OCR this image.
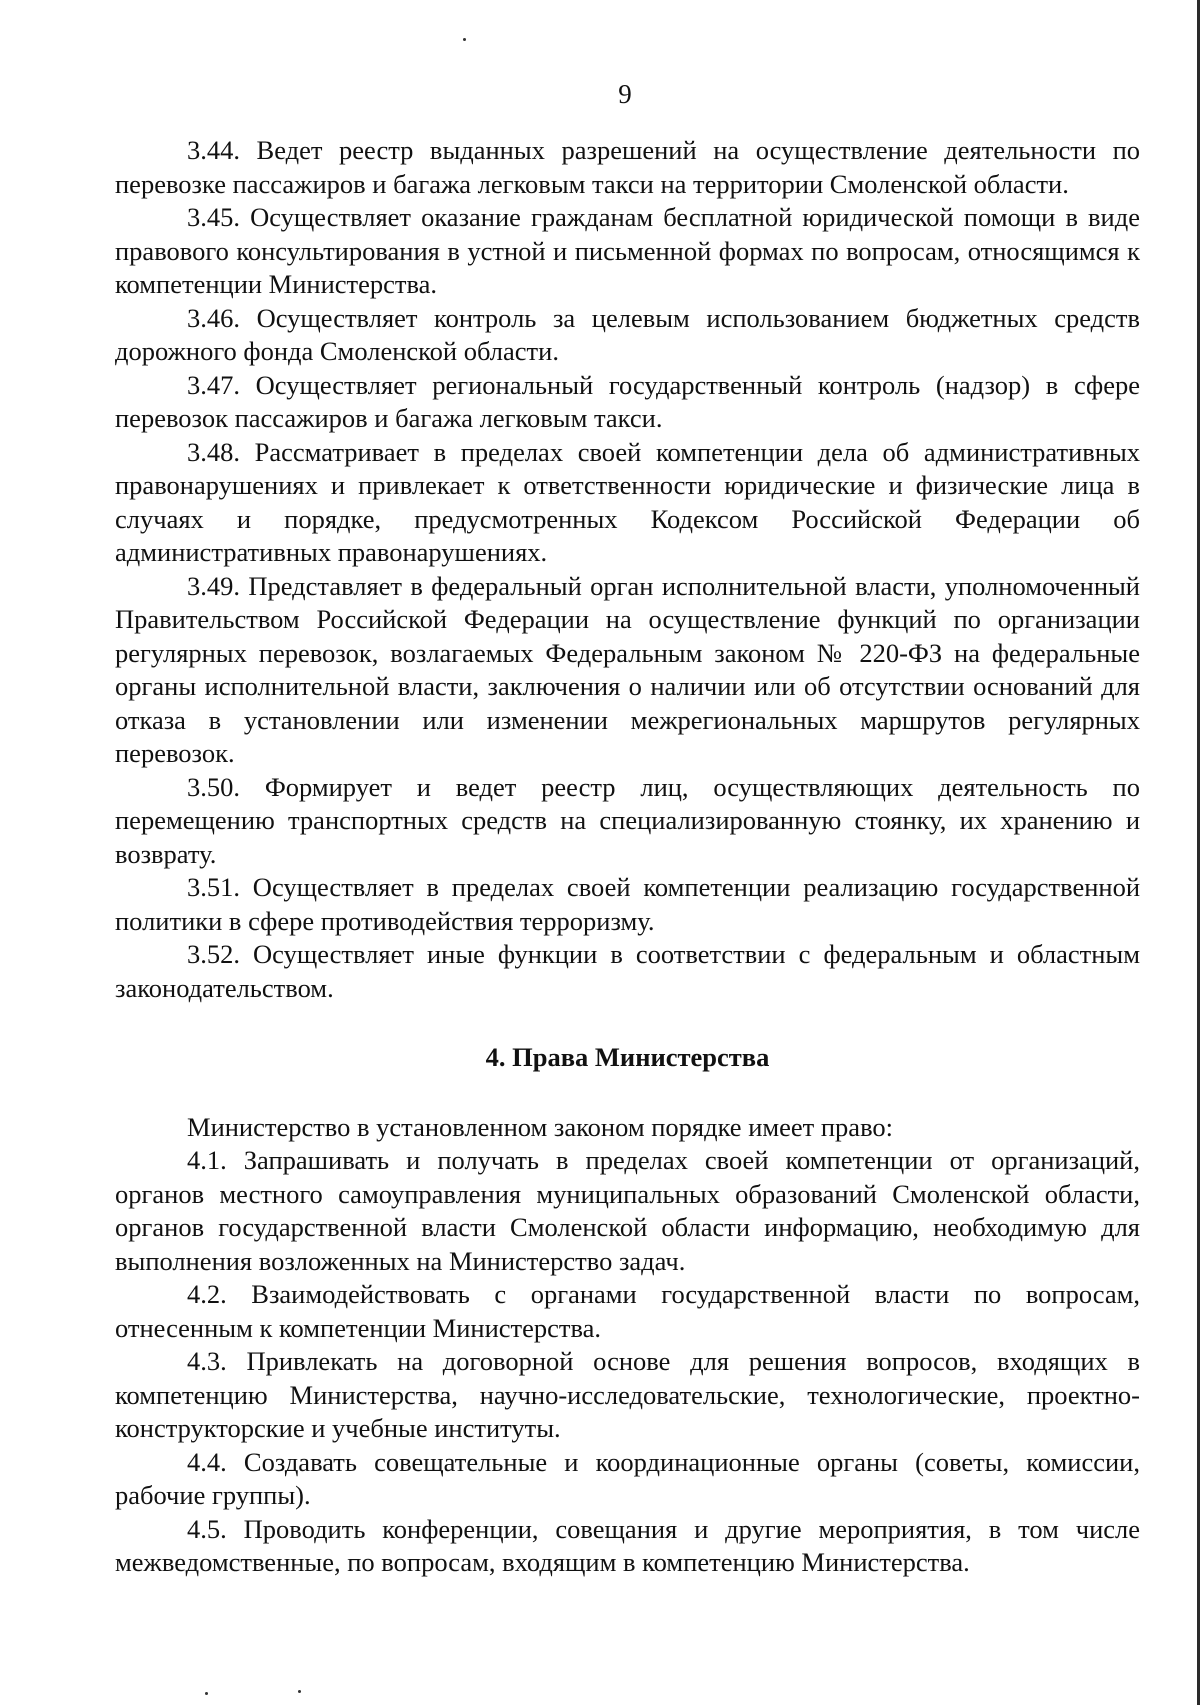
9

3.44. Ведет реестр выданных разрешений на осуществление деятельности по перевозке пассажиров и багажа легковым такси на территории Смоленской области.

3.45. Осуществляет оказание гражданам бесплатной юридической помощи в виде правового консультирования в устной и письменной формах по вопросам, относящимся к компетенции Министерства.

3.46. Осуществляет контроль за целевым использованием бюджетных средств дорожного фонда Смоленской области.

3.47. Осуществляет региональный государственный контроль (надзор) в сфере перевозок пассажиров и багажа легковым такси.

3.48. Рассматривает в пределах своей компетенции дела об административных правонарушениях и привлекает к ответственности юридические и физические лица в случаях и порядке, предусмотренных Кодексом Российской Федерации об административных правонарушениях.

3.49. Представляет в федеральный орган исполнительной власти, уполномоченный Правительством Российской Федерации на осуществление функций по организации регулярных перевозок, возлагаемых Федеральным законом № 220-ФЗ на федеральные органы исполнительной власти, заключения о наличии или об отсутствии оснований для отказа в установлении или изменении межрегиональных маршрутов регулярных перевозок.

3.50. Формирует и ведет реестр лиц, осуществляющих деятельность по перемещению транспортных средств на специализированную стоянку, их хранению и возврату.

3.51. Осуществляет в пределах своей компетенции реализацию государственной политики в сфере противодействия терроризму.

3.52. Осуществляет иные функции в соответствии с федеральным и областным законодательством.

4. Права Министерства

Министерство в установленном законом порядке имеет право:

4.1. Запрашивать и получать в пределах своей компетенции от организаций, органов местного самоуправления муниципальных образований Смоленской области, органов государственной власти Смоленской области информацию, необходимую для выполнения возложенных на Министерство задач.

4.2. Взаимодействовать с органами государственной власти по вопросам, отнесенным к компетенции Министерства.

4.3. Привлекать на договорной основе для решения вопросов, входящих в компетенцию Министерства, научно-исследовательские, технологические, проектно-конструкторские и учебные институты.

4.4. Создавать совещательные и координационные органы (советы, комиссии, рабочие группы).

4.5. Проводить конференции, совещания и другие мероприятия, в том числе межведомственные, по вопросам, входящим в компетенцию Министерства.
